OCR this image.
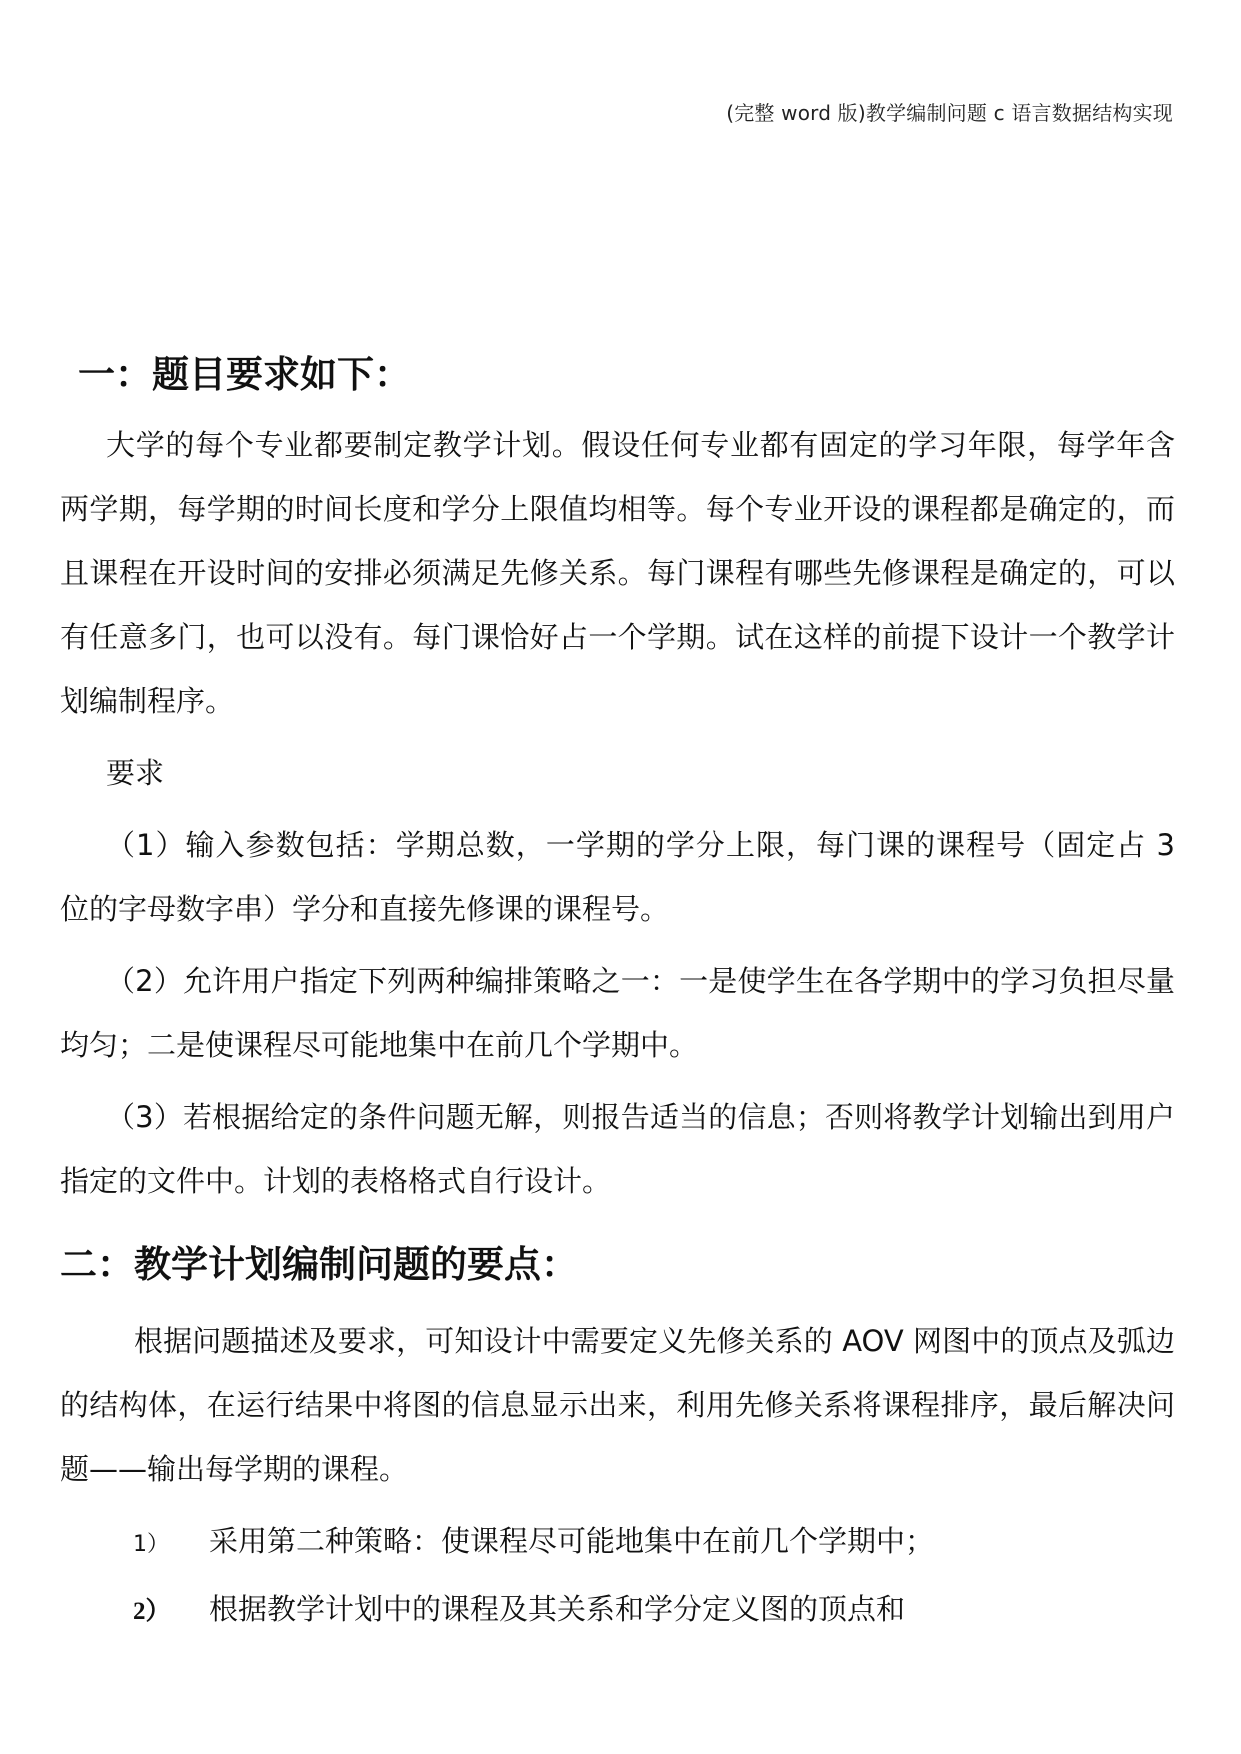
(完整 word 版)教学编制问题 c 语言数据结构实现
一：题目要求如下：

大学的每个专业都要制定教学计划。假设任何专业都有固定的学习年限，每学年含两学期，每学期的时间长度和学分上限值均相等。每个专业开设的课程都是确定的，而且课程在开设时间的安排必须满足先修关系。每门课程有哪些先修课程是确定的，可以有任意多门，也可以没有。每门课恰好占一个学期。试在这样的前提下设计一个教学计划编制程序。

要求

（1）输入参数包括：学期总数，一学期的学分上限，每门课的课程号（固定占 3 位的字母数字串）学分和直接先修课的课程号。

（2）允许用户指定下列两种编排策略之一：一是使学生在各学期中的学习负担尽量均匀；二是使课程尽可能地集中在前几个学期中。

（3）若根据给定的条件问题无解，则报告适当的信息；否则将教学计划输出到用户指定的文件中。计划的表格格式自行设计。

二：教学计划编制问题的要点：

根据问题描述及要求，可知设计中需要定义先修关系的 AOV 网图中的顶点及弧边的结构体，在运行结果中将图的信息显示出来，利用先修关系将课程排序，最后解决问题——输出每学期的课程。

1）	采用第二种策略：使课程尽可能地集中在前几个学期中；
2）	根据教学计划中的课程及其关系和学分定义图的顶点和
